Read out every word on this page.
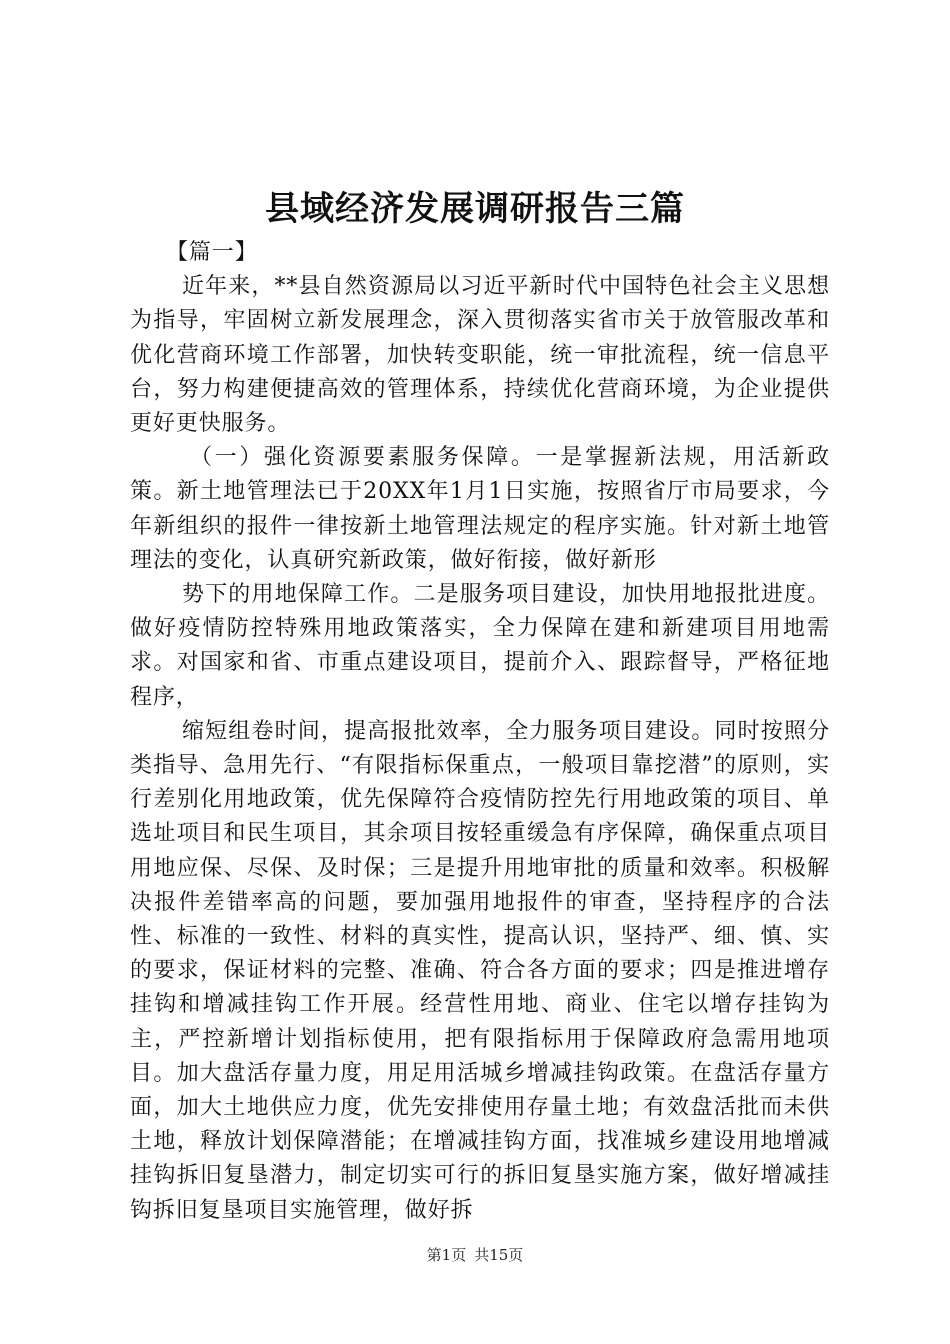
县域经济发展调研报告三篇

【篇一】

近年来，**县自然资源局以习近平新时代中国特色社会主义思想为指导，牢固树立新发展理念，深入贯彻落实省市关于放管服改革和优化营商环境工作部署，加快转变职能，统一审批流程，统一信息平台，努力构建便捷高效的管理体系，持续优化营商环境，为企业提供更好更快服务。

（一）强化资源要素服务保障。一是掌握新法规，用活新政策。新土地管理法已于20XX年1月1日实施，按照省厅市局要求，今年新组织的报件一律按新土地管理法规定的程序实施。针对新土地管理法的变化，认真研究新政策，做好衔接，做好新形

势下的用地保障工作。二是服务项目建设，加快用地报批进度。做好疫情防控特殊用地政策落实，全力保障在建和新建项目用地需求。对国家和省、市重点建设项目，提前介入、跟踪督导，严格征地程序，

缩短组卷时间，提高报批效率，全力服务项目建设。同时按照分类指导、急用先行、“有限指标保重点，一般项目靠挖潜”的原则，实行差别化用地政策，优先保障符合疫情防控先行用地政策的项目、单选址项目和民生项目，其余项目按轻重缓急有序保障，确保重点项目用地应保、尽保、及时保；三是提升用地审批的质量和效率。积极解决报件差错率高的问题，要加强用地报件的审查，坚持程序的合法性、标准的一致性、材料的真实性，提高认识，坚持严、细、慎、实的要求，保证材料的完整、准确、符合各方面的要求；四是推进增存挂钩和增减挂钩工作开展。经营性用地、商业、住宅以增存挂钩为主，严控新增计划指标使用，把有限指标用于保障政府急需用地项目。加大盘活存量力度，用足用活城乡增减挂钩政策。在盘活存量方面，加大土地供应力度，优先安排使用存量土地；有效盘活批而未供土地，释放计划保障潜能；在增减挂钩方面，找准城乡建设用地增减挂钩拆旧复垦潜力，制定切实可行的拆旧复垦实施方案，做好增减挂钩拆旧复垦项目实施管理，做好拆

第1页 共15页
